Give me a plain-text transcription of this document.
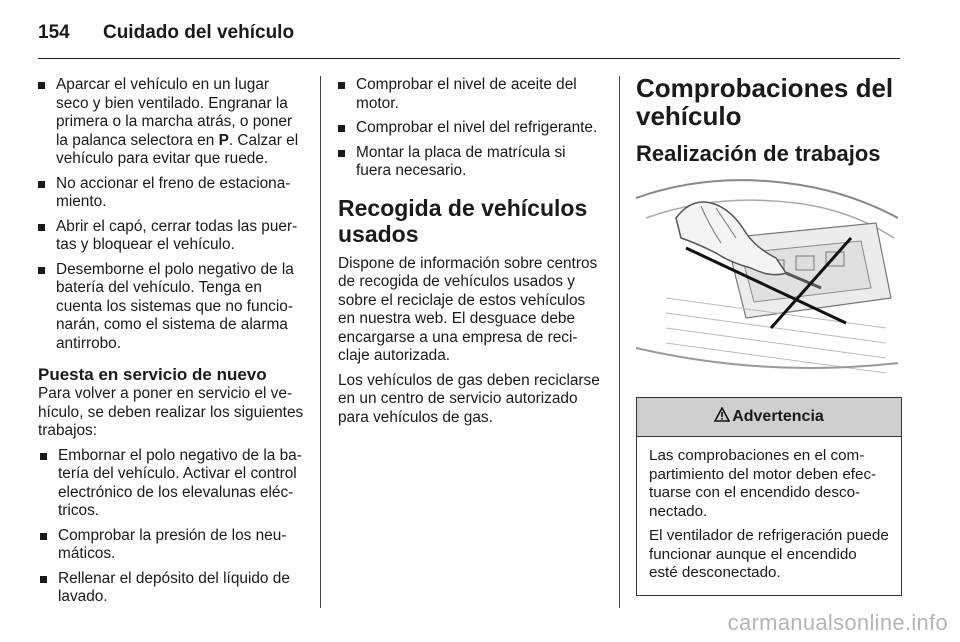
154 Cuidado del vehículo
Aparcar el vehículo en un lugar seco y bien ventilado. Engranar la primera o la marcha atrás, o poner la palanca selectora en P. Calzar el vehículo para evitar que ruede.
No accionar el freno de estacionamiento.
Abrir el capó, cerrar todas las puertas y bloquear el vehículo.
Desemborne el polo negativo de la batería del vehículo. Tenga en cuenta los sistemas que no funcionarán, como el sistema de alarma antirrobo.
Puesta en servicio de nuevo

Para volver a poner en servicio el vehículo, se deben realizar los siguientes trabajos:

Embornar el polo negativo de la batería del vehículo. Activar el control electrónico de los elevalunas eléctricos.
Comprobar la presión de los neumáticos.
Rellenar el depósito del líquido de lavado.
Comprobar el nivel de aceite del motor.
Comprobar el nivel del refrigerante.
Montar la placa de matrícula si fuera necesario.
Recogida de vehículos usados

Dispone de información sobre centros de recogida de vehículos usados y sobre el reciclaje de estos vehículos en nuestra web. El desguace debe encargarse a una empresa de reciclaje autorizada.

Los vehículos de gas deben reciclarse en un centro de servicio autorizado para vehículos de gas.

Comprobaciones del vehículo
Realización de trabajos
Advertencia

Las comprobaciones en el compartimiento del motor deben efectuarse con el encendido desconectado.

El ventilador de refrigeración puede funcionar aunque el encendido esté desconectado.

carmanualsonline.info
